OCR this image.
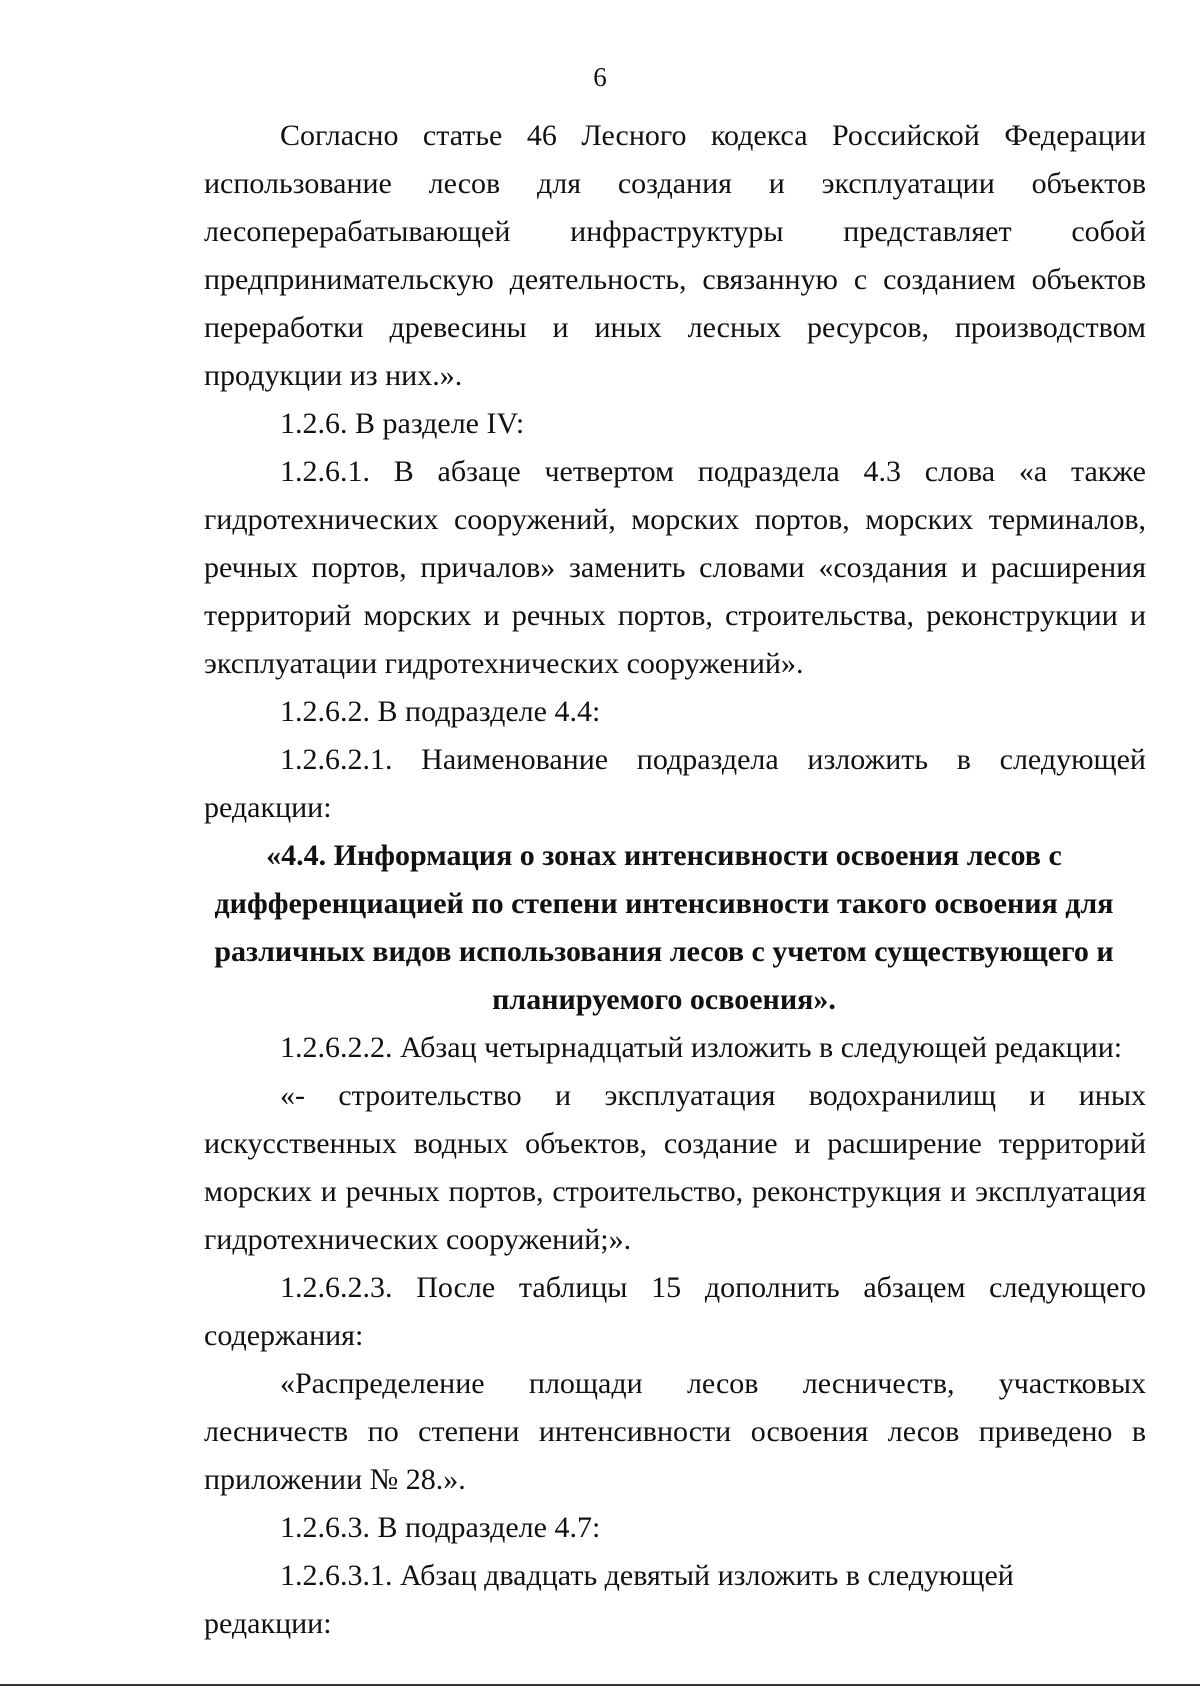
6

Согласно статье 46 Лесного кодекса Российской Федерации использование лесов для создания и эксплуатации объектов лесоперерабатывающей инфраструктуры представляет собой предпринимательскую деятельность, связанную с созданием объектов переработки древесины и иных лесных ресурсов, производством продукции из них.».

1.2.6. В разделе IV:

1.2.6.1. В абзаце четвертом подраздела 4.3 слова «а также гидротехнических сооружений, морских портов, морских терминалов, речных портов, причалов» заменить словами «создания и расширения территорий морских и речных портов, строительства, реконструкции и эксплуатации гидротехнических сооружений».

1.2.6.2. В подразделе 4.4:

1.2.6.2.1. Наименование подраздела изложить в следующей редакции:

«4.4. Информация о зонах интенсивности освоения лесов с дифференциацией по степени интенсивности такого освоения для различных видов использования лесов с учетом существующего и планируемого освоения».

1.2.6.2.2. Абзац четырнадцатый изложить в следующей редакции:

«- строительство и эксплуатация водохранилищ и иных искусственных водных объектов, создание и расширение территорий морских и речных портов, строительство, реконструкция и эксплуатация гидротехнических сооружений;».

1.2.6.2.3. После таблицы 15 дополнить абзацем следующего содержания:

«Распределение площади лесов лесничеств, участковых лесничеств по степени интенсивности освоения лесов приведено в приложении № 28.».

1.2.6.3. В подразделе 4.7:

1.2.6.3.1. Абзац двадцать девятый изложить в следующей редакции:
